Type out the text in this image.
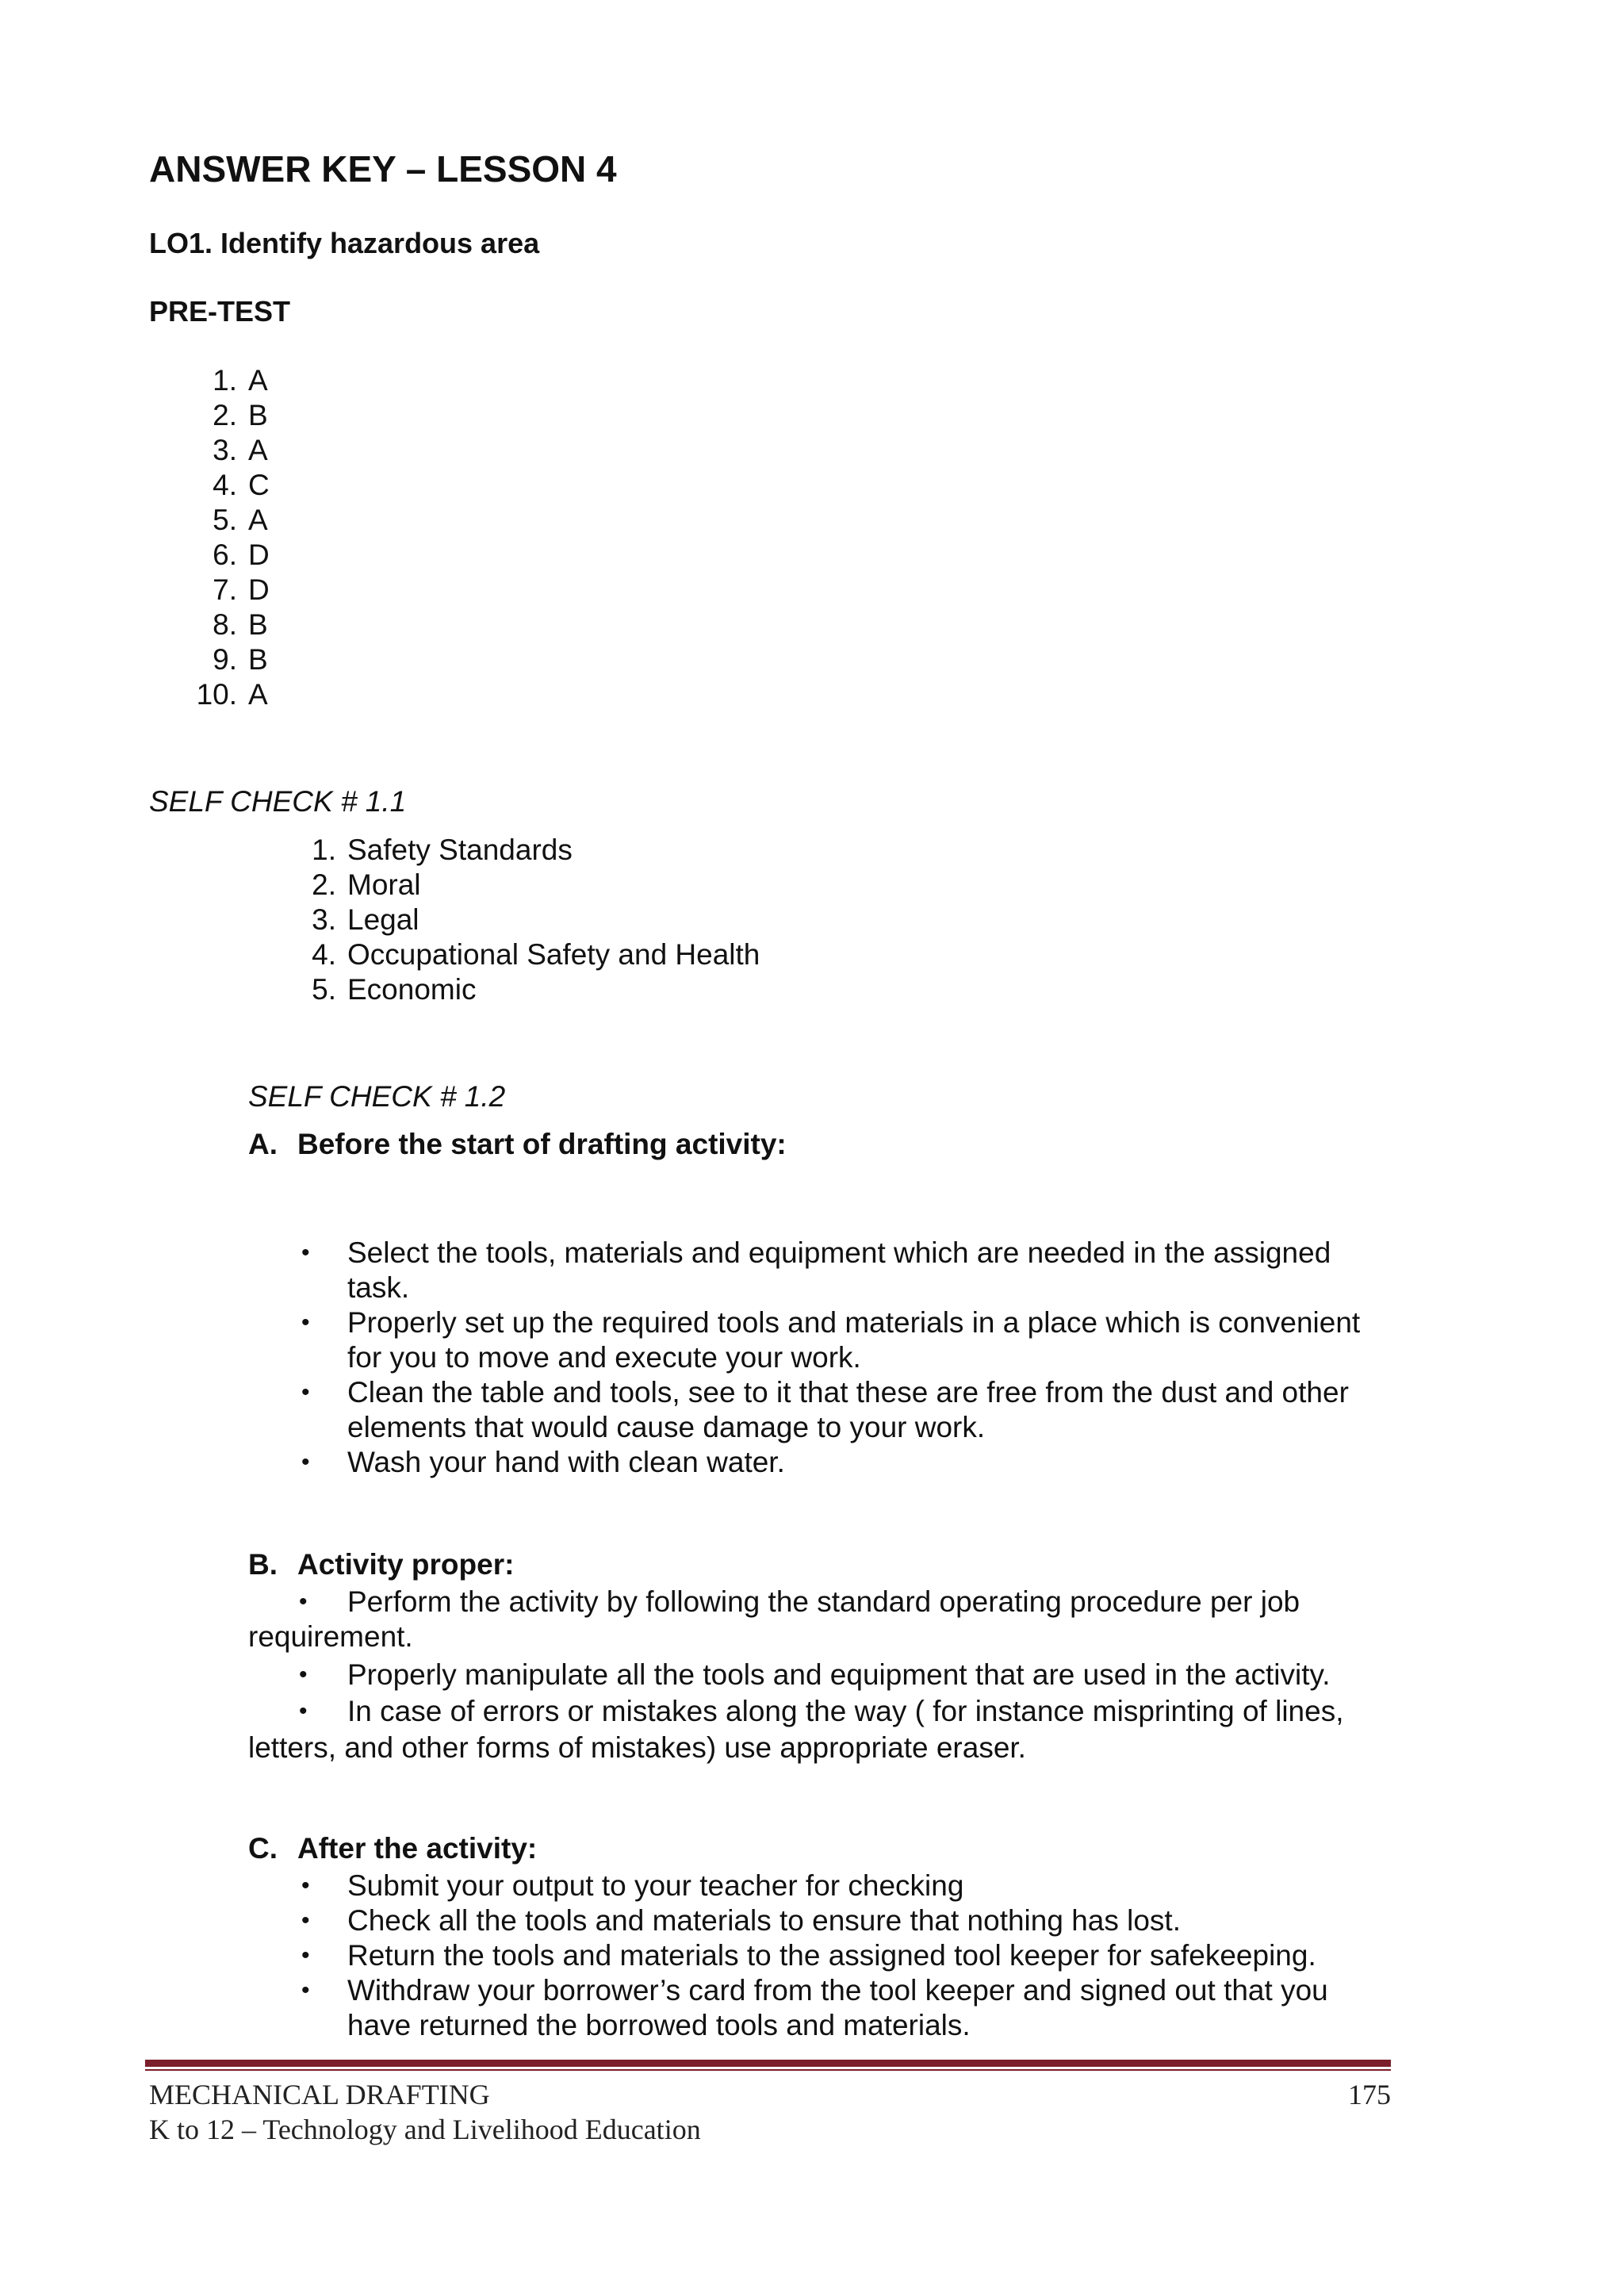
ANSWER KEY – LESSON 4
LO1. Identify hazardous area
PRE-TEST
1. A
2. B
3. A
4. C
5. A
6. D
7. D
8. B
9. B
10. A
SELF CHECK # 1.1
1. Safety Standards
2. Moral
3. Legal
4. Occupational Safety and Health
5. Economic
SELF CHECK # 1.2
A. Before the start of drafting activity:
• Select the tools, materials and equipment which are needed in the assigned task.
• Properly set up the required tools and materials in a place which is convenient for you to move and execute your work.
• Clean the table and tools, see to it that these are free from the dust and other elements that would cause damage to your work.
• Wash your hand with clean water.
B. Activity proper:
• Perform the activity by following the standard operating procedure per job
requirement.
• Properly manipulate all the tools and equipment that are used in the activity.
• In case of errors or mistakes along the way ( for instance misprinting of lines,
letters, and other forms of mistakes) use appropriate eraser.
C. After the activity:
• Submit your output to your teacher for checking
• Check all the tools and materials to ensure that nothing has lost.
• Return the tools and materials to the assigned tool keeper for safekeeping.
• Withdraw your borrower’s card from the tool keeper and signed out that you have returned the borrowed tools and materials.
MECHANICAL DRAFTING	175
K to 12 – Technology and Livelihood Education
